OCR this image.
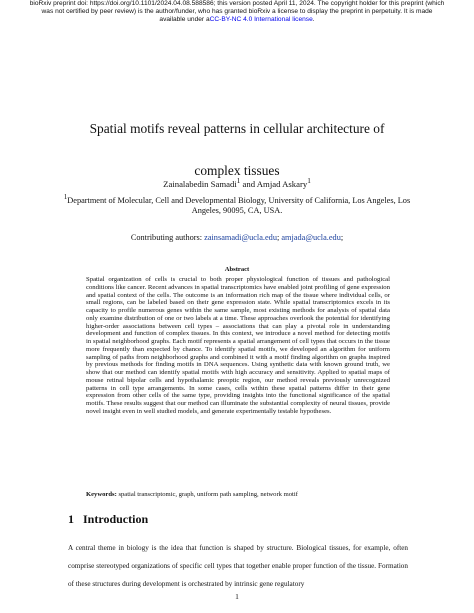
bioRxiv preprint doi: https://doi.org/10.1101/2024.04.08.588586; this version posted April 11, 2024. The copyright holder for this preprint (which
was not certified by peer review) is the author/funder, who has granted bioRxiv a license to display the preprint in perpetuity. It is made
available under aCC-BY-NC 4.0 International license.
Spatial motifs reveal patterns in cellular architecture of
complex tissues
Zainalabedin Samadi$^1$ and Amjad Askary$^1$
$^1$Department of Molecular, Cell and Developmental Biology, University of California, Los Angeles, Los Angeles, 90095, CA, USA.
Contributing authors: zainsamadi@ucla.edu; amjada@ucla.edu;
Abstract
Spatial organization of cells is crucial to both proper physiological function of tissues and pathological conditions like cancer. Recent advances in spatial transcriptomics have enabled joint profiling of gene expression and spatial context of the cells. The outcome is an information rich map of the tissue where individual cells, or small regions, can be labeled based on their gene expression state. While spatial transcriptomics excels in its capacity to profile numerous genes within the same sample, most existing methods for analysis of spatial data only examine distribution of one or two labels at a time. These approaches overlook the potential for identifying higher-order associations between cell types – associations that can play a pivotal role in understanding development and function of complex tissues. In this context, we introduce a novel method for detecting motifs in spatial neighborhood graphs. Each motif represents a spatial arrangement of cell types that occurs in the tissue more frequently than expected by chance. To identify spatial motifs, we developed an algorithm for uniform sampling of paths from neighborhood graphs and combined it with a motif finding algorithm on graphs inspired by previous methods for finding motifs in DNA sequences. Using synthetic data with known ground truth, we show that our method can identify spatial motifs with high accuracy and sensitivity. Applied to spatial maps of mouse retinal bipolar cells and hypothalamic preoptic region, our method reveals previously unrecognized patterns in cell type arrangements. In some cases, cells within these spatial patterns differ in their gene expression from other cells of the same type, providing insights into the functional significance of the spatial motifs. These results suggest that our method can illuminate the substantial complexity of neural tissues, provide novel insight even in well studied models, and generate experimentally testable hypotheses.
Keywords: spatial transcriptomic, graph, uniform path sampling, network motif
1 Introduction

A central theme in biology is the idea that function is shaped by structure. Biological tissues, for example, often comprise stereotyped organizations of specific cell types that together enable proper function of the tissue. Formation of these structures during development is orchestrated by intrinsic gene regulatory

1
